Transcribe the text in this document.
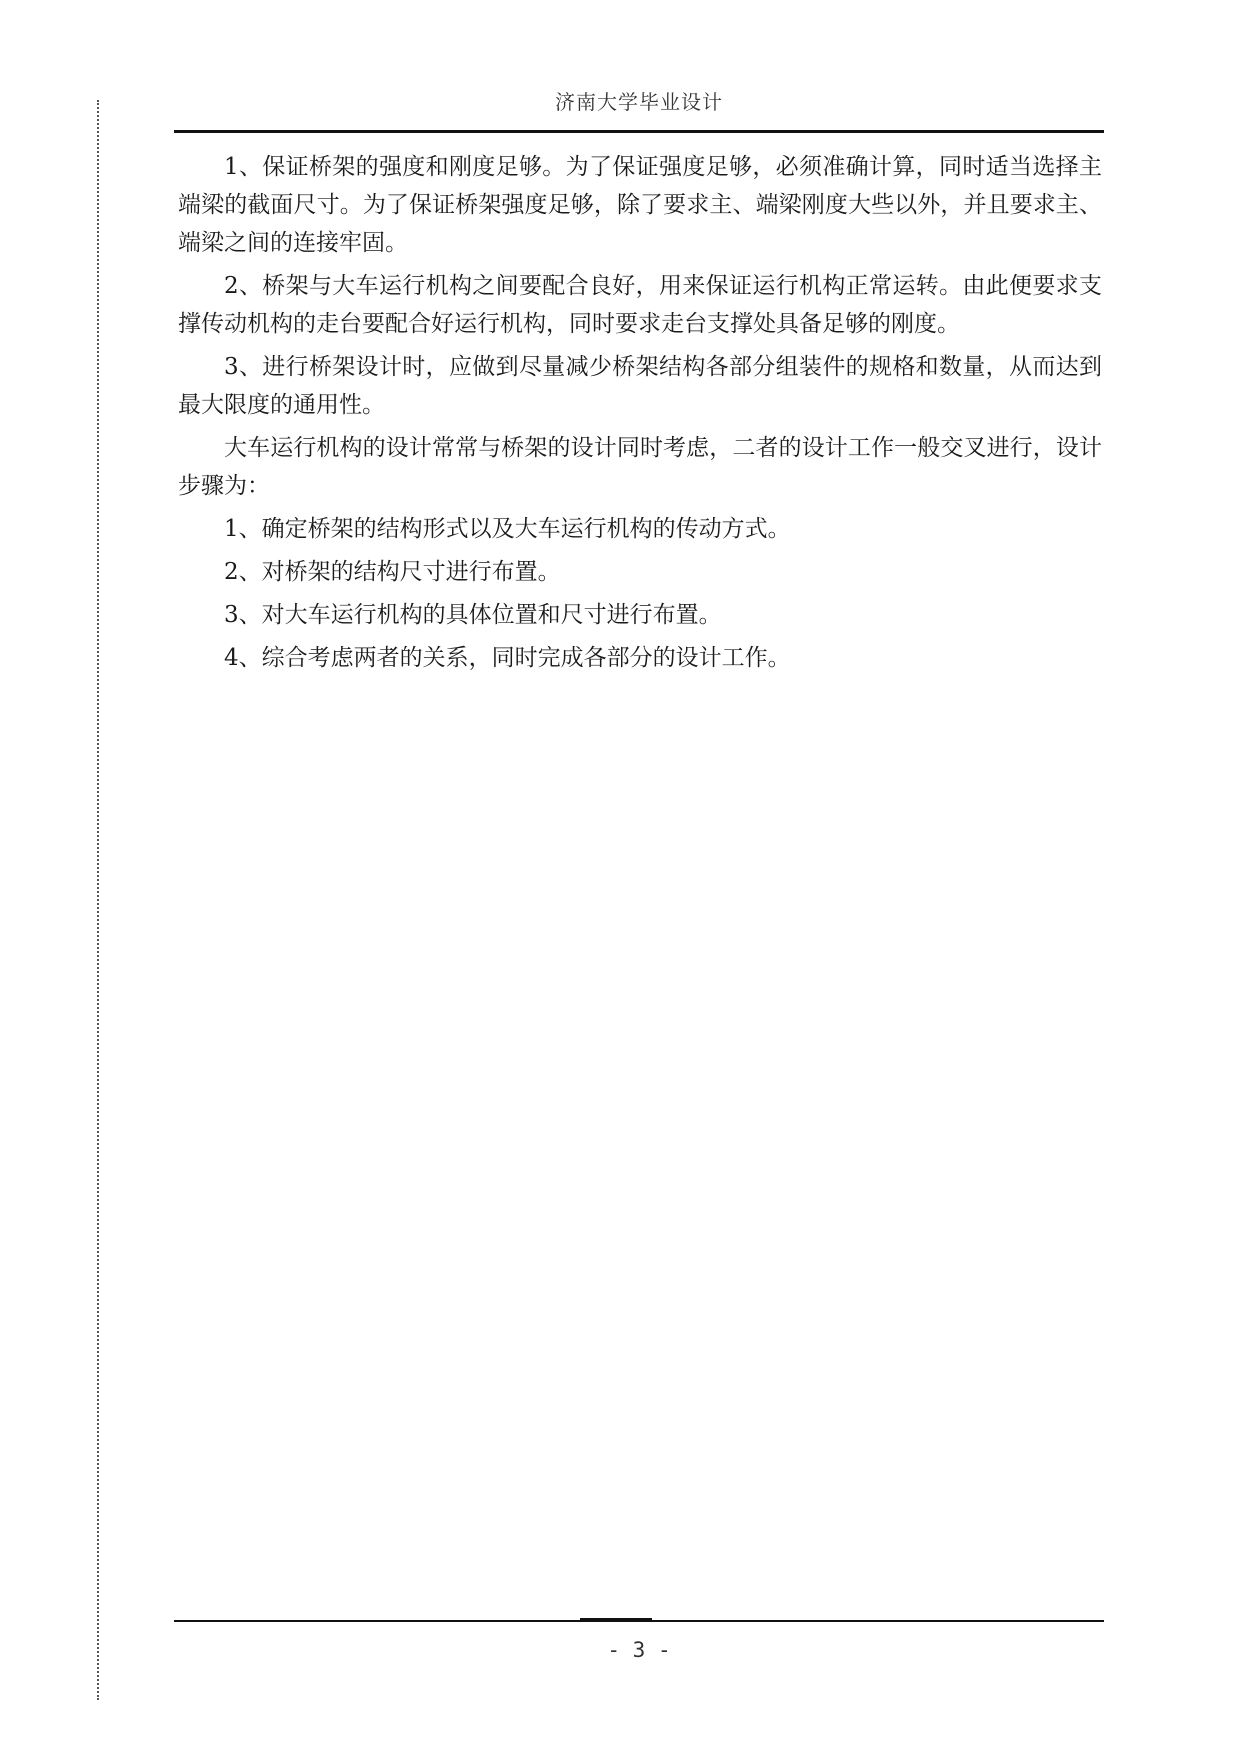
济南大学毕业设计

1、保证桥架的强度和刚度足够。为了保证强度足够，必须准确计算，同时适当选择主端梁的截面尺寸。为了保证桥架强度足够，除了要求主、端梁刚度大些以外，并且要求主、端梁之间的连接牢固。

2、桥架与大车运行机构之间要配合良好，用来保证运行机构正常运转。由此便要求支撑传动机构的走台要配合好运行机构，同时要求走台支撑处具备足够的刚度。

3、进行桥架设计时，应做到尽量减少桥架结构各部分组装件的规格和数量，从而达到最大限度的通用性。

大车运行机构的设计常常与桥架的设计同时考虑，二者的设计工作一般交叉进行，设计步骤为：

1、确定桥架的结构形式以及大车运行机构的传动方式。

2、对桥架的结构尺寸进行布置。

3、对大车运行机构的具体位置和尺寸进行布置。

4、综合考虑两者的关系，同时完成各部分的设计工作。

- 3 -
